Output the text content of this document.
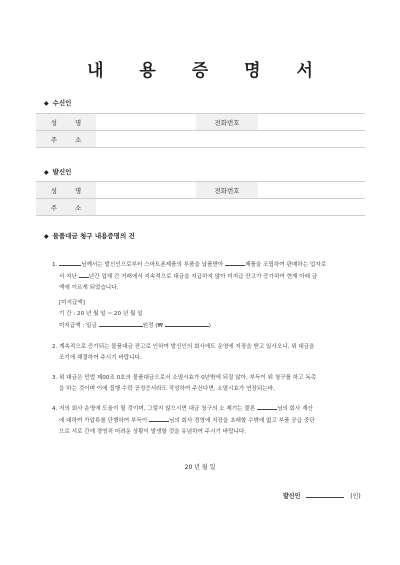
내 용 증 명 서
◆ 수신인
성 명		전화번호	
주 소			
◆ 발신인
성 명		전화번호	
주 소			
◆ 물품대금 청구 내용증명의 건

1.	님께서는 발신인으로부터 스마트폰제품의 부품을 납품받아	제품을 조립하여 판매하는 업자로

서 지난 년간 업체 간 거래에서 지속적으로 대금을 지급하지 않아 미지급 잔고가 증가하여 현재 아래 금

액에 이르게 되었습니다.

[미지급액]

기 간 : 20 년 월 일 ~ 20 년 월 일

미지급액 : 일금	원정 (₩	)

2. 계속적으로 증가되는 물품대금 잔고로 인하여 발신인의 회사에도 운영에 지장을 받고 있사오니, 위 대금을

조기에 해결하여 주시기 바랍니다.

3. 위 대금은 민법 제00조 0호의 물품대금으로서 소멸시효가 0년밖에 되질 않아, 부득이 위 청구를 하고 독촉

을 하는 것이며 이에 집행 수락 공정증서라도 작성하여 주신다면, 소멸시효가 연장되는바,

4. 저의 회사 운영에 도움이 될 것이며, 그렇지 않으시면 대금 청구의 소 제기는 물론	님의 회사 재산

에 대하여 가압류를 단행하여 부득이	님의 회사 경영에 지장을 초래할 수밖에 없고 부품 공급 중단

으로 서로 간에 경영적 어려운 상황이 발생할 것을 유념하여 주시기 바랍니다.

20 년 월 일
발신인	(인)
